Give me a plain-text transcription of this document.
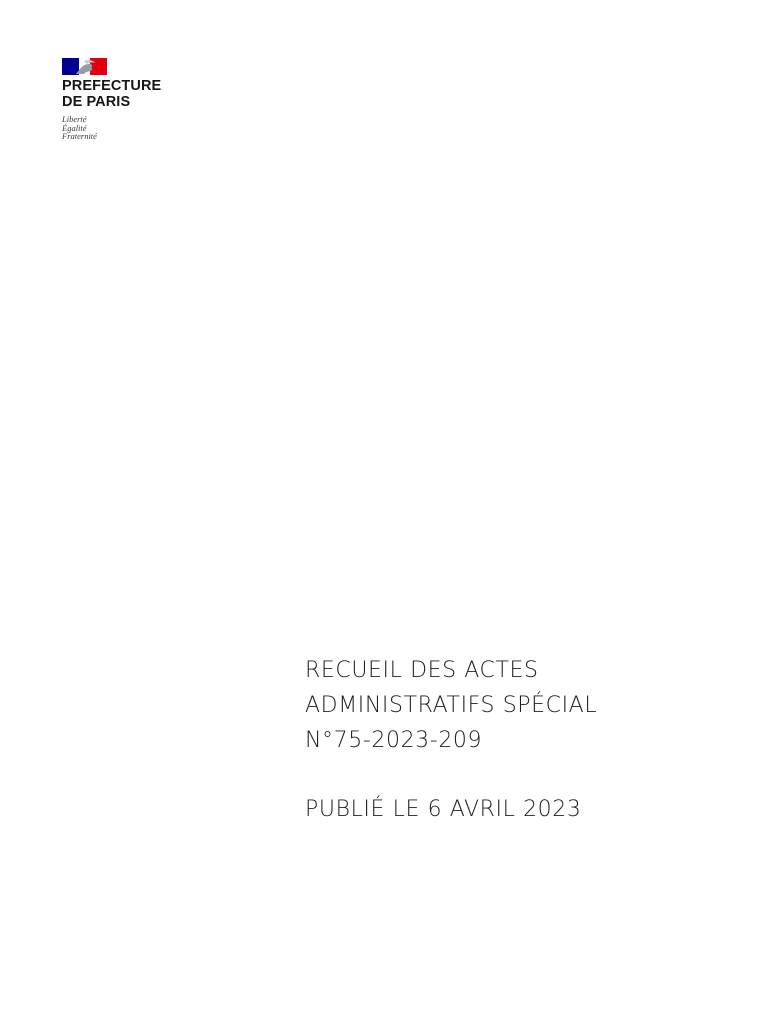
PREFECTURE
DE PARIS
Liberté
Égalité
Fraternité
RECUEIL DES ACTES
ADMINISTRATIFS SPÉCIAL
N°75-2023-209
PUBLIÉ LE 6 AVRIL 2023
